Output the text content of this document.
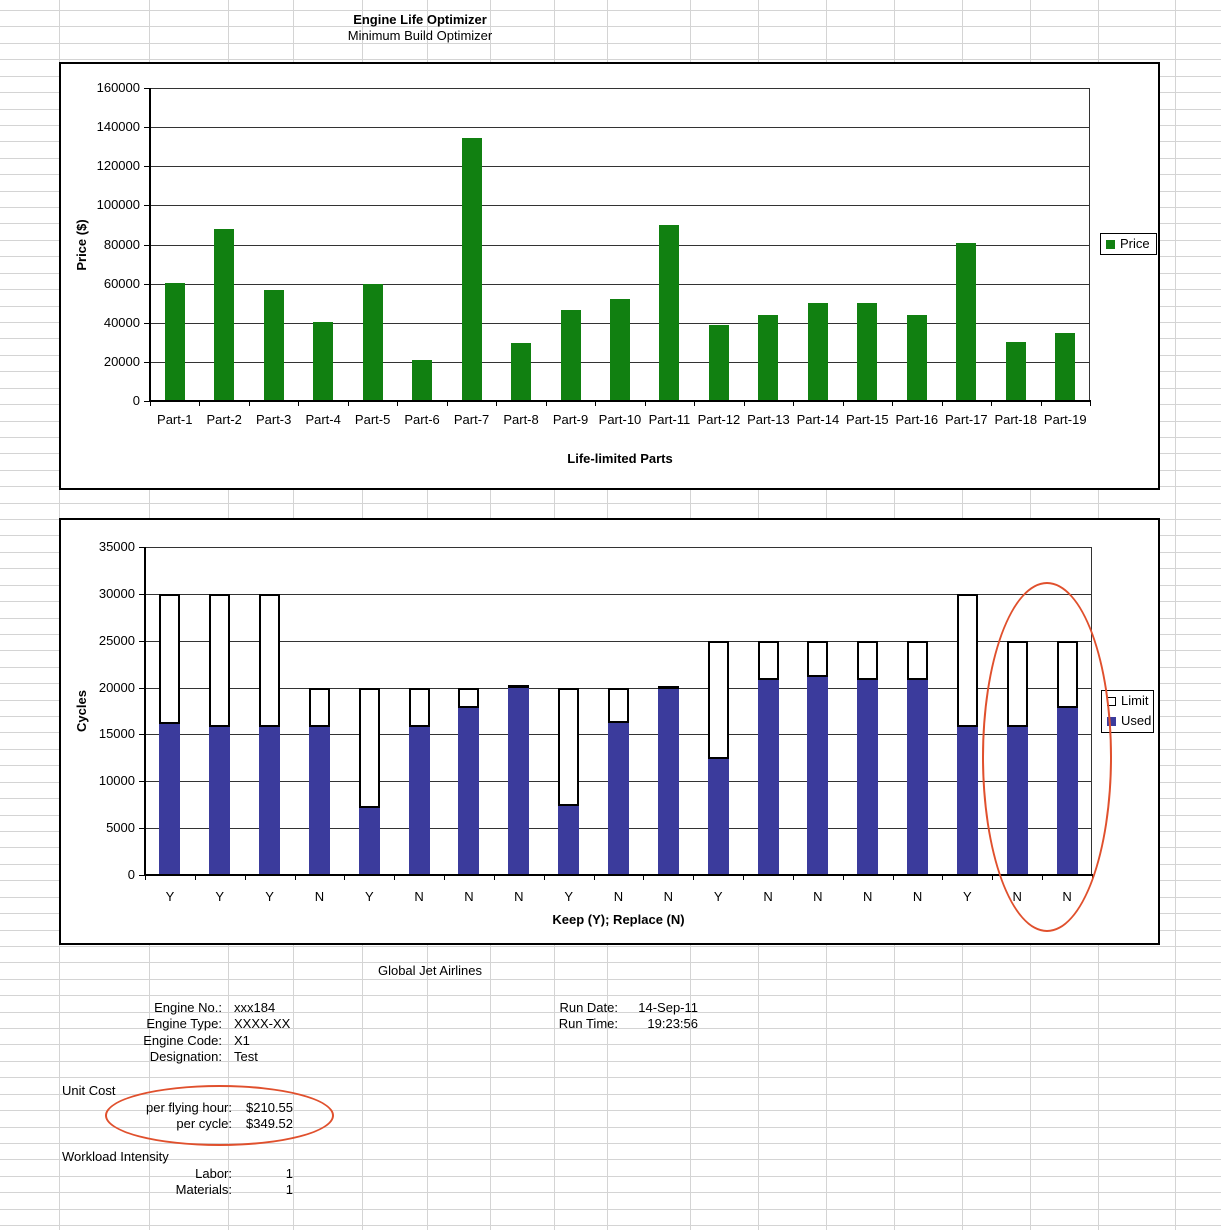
Engine Life Optimizer
Minimum Build Optimizer
0
20000
40000
60000
80000
100000
120000
140000
160000
Part-1	Part-2	Part-3	Part-4	Part-5	Part-6	Part-7	Part-8	Part-9 Part-10 Part-11 Part-12 Part-13 Part-14 Part-15 Part-16 Part-17 Part-18 Part-19
Life-limited Parts
Price ($)	Price
0
5000
10000
15000
20000
25000
30000
35000
Y	Y	Y	N	Y	N	N	N	Y	N	N	Y	N	N	N	N	Y	N	N
Keep (Y); Replace (N)
Cycles	Limit
Used
Global Jet Airlines
Engine No.: xxx184
Engine Type: XXXX-XX
Engine Code: X1
Designation: Test
Run Date:	14-Sep-11
Run Time:	19:23:56
Unit Cost
per flying hour:	$210.55
per cycle:	$349.52
Workload Intensity
Labor:	1
Materials:	1
